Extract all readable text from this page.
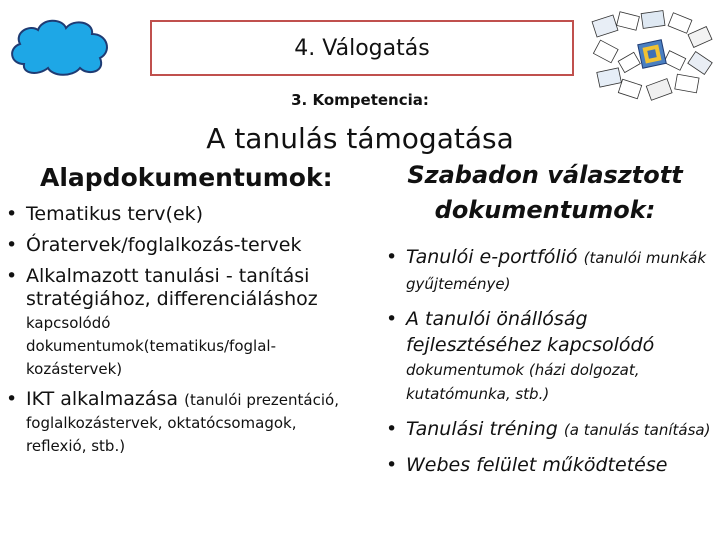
4. Válogatás
3. Kompetencia:
A tanulás támogatása
Alapdokumentumok:	Szabadon választott dokumentumok:
• Tematikus terv(ek)
• Óratervek/foglalkozás-tervek
• Alkalmazott tanulási - tanítási stratégiához, differenciáláshoz kapcsolódó dokumentumok(tematikus/foglal-kozástervek)
• IKT alkalmazása (tanulói prezentáció, foglalkozástervek, oktatócsomagok, reflexió, stb.)
• Tanulói e-portfólió (tanulói munkák gyűjteménye)
• A tanulói önállóság fejlesztéséhez kapcsolódó
dokumentumok (házi dolgozat, kutatómunka, stb.)
• Tanulási tréning (a tanulás tanítása)
• Webes felület működtetése
